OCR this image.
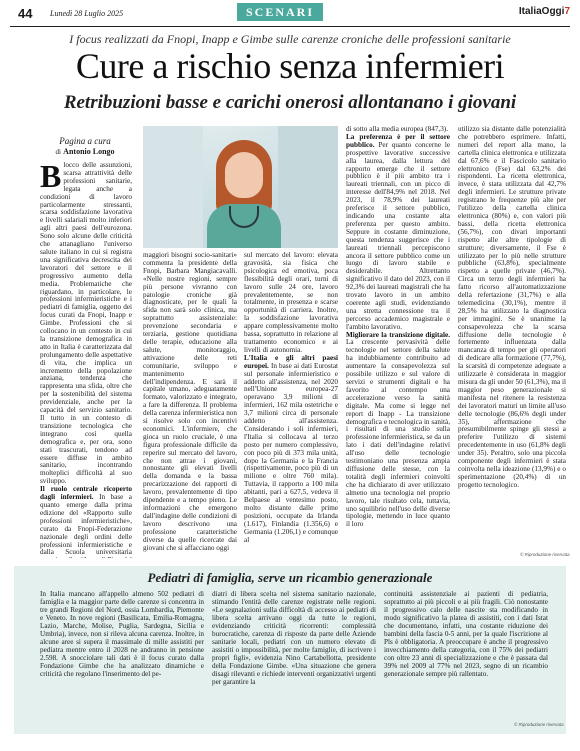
44 Lunedì 28 Luglio 2025	SCENARI	ItaliaOggi7
I focus realizzati da Fnopi, Inapp e Gimbe sulle carenze croniche delle professioni sanitarie
Cure a rischio senza infermieri
Retribuzioni basse e carichi onerosi allontanano i giovani
Pagina a cura
di Antonio Longo
B locco delle assunzioni, scarsa attrattività delle professioni sanitarie, legata anche a condizioni di lavoro particolarmente stressanti, scarsa soddisfazione lavorativa e livelli salariali molto inferiori agli altri paesi dell'eurozona. Sono solo alcune delle criticità che attanagliano l'universo salute italiano in cui si registra una significativa decrescita dei lavoratori del settore e il progressivo aumento della media. Problematiche che riguardano, in particolare, le professioni infermieristiche e i pediatri di famiglia, oggetto dei focus curati da Fnopi, Inapp e Gimbe. Professioni che si collocano in un contesto in cui la transizione demografica in atto in Italia è caratterizzata dal prolungamento delle aspettative di vita, che implica un incremento della popolazione anziana, tendenza che rappresenta una sfida, oltre che per la sostenibilità del sistema previdenziale, anche per la capacità del servizio sanitario. Il tutto in un contesto di transizione tecnologica che integrano così quella demografica e, per ora, sono stati trascurati, tendono ad essere diffuse in ambito sanitario, incontrando molteplici difficoltà al suo sviluppo.

Il ruolo centrale ricoperto dagli infermieri. In base a quanto emerge dalla prima edizione del «Rapporto sulle professioni infermieristiche», curato da Fnopi-Federazione nazionale degli ordini delle professioni infermieristiche e dalla Scuola universitaria

maggiori bisogni socio-sanitari» commenta la presidente della Fnopi, Barbara Mangiacavalli. «Nelle nostre regioni, sempre più persone vivranno con patologie croniche già diagnosticate, per le quali la sfida non sarà solo clinica, ma soprattutto assistenziale: prevenzione secondaria e terziaria, gestione quotidiana delle terapie, educazione alla salute, monitoraggio, attivazione delle reti comunitarie, sviluppo e mantenimento dell'indipendenza. E sarà il capitale umano, adeguatamente formato, valorizzato e integrato, a fare la differenza. Il problema della carenza infermieristica non si risolve solo con incentivi economici. L'infermiere, che gioca un ruolo cruciale, è una figura professionale difficile da reperire sul mercato del lavoro, che non attrae i giovani, nonostante gli elevati livelli della domanda e la bassa precarizzazione dei rapporti di lavoro, prevalentemente di tipo dipendente e a tempo pieno. Le informazioni che emergono dall'indagine delle condizioni di lavoro descrivono una professione caratteristiche diverse da quelle ricercate dai giovani che si affacciano oggi

sul mercato del lavoro: elevata gravosità, sia fisica che psicologica ed emotiva, poca flessibilità degli orari, turni di lavoro sulle 24 ore, lavoro prevalentemente, se non totalmente, in presenza e scarse opportunità di carriera. Inoltre, la soddisfazione lavorativa appare complessivamente molto bassa, soprattutto in relazione al trattamento economico e ai livelli di autonomia.

L'Italia e gli altri paesi europei. In base ai dati Eurostat sul personale infermieristico e addetto all'assistenza, nel 2020 nell'Unione europea-27 operavano 3,9 milioni di infermieri, 162 mila ostetriche e 3,7 milioni circa di personale addetto all'assistenza. Considerando i soli infermieri, l'Italia si collocava al terzo posto per numero complessivo, con poco più di 373 mila unità, dopo la Germania e la Francia (rispettivamente, poco più di un milione e oltre 760 mila). Tuttavia, il rapporto a 100 mila abitanti, pari a 627,5, vedeva il Belpaese al ventesimo posto, molto distante dalle prime posizioni, occupate da Irlanda (1.617), Finlandia (1.356,6) e Germania (1.206,1) e comunque al

di sotto alla media europea (847,3).

La preferenza è per il settore pubblico. Per quanto concerne le prospettive lavorative successive alla laurea, dalla lettura del rapporto emerge che il settore pubblico è il più ambito tra i laureati triennali, con un picco di interesse dell'84,9% nel 2018. Nel 2023, il 78,9% dei laureati preferisce il settore pubblico, indicando una costante alta preferenza per questo ambito. Seppure in costante diminuzione, questa tendenza suggerisce che i laureati triennali percepiscono ancora il settore pubblico come un luogo di lavoro stabile e desiderabile. Altrettanto significativo il dato del 2023, con il 92,3% dei laureati magistrali che ha trovato lavoro in un ambito coerente agli studi, evidenziando una stretta connessione tra il percorso accademico magistrale e l'ambito lavorativo.

Migliorare la transizione digitale. La crescente pervasività delle tecnologie nel settore della salute ha indubbiamente contribuito ad aumentare la consapevolezza sul possibile utilizzo e sul valore di servizi e strumenti digitali e ha favorito al contempo una accelerazione verso la sanità digitale. Ma come si legge nel report di Inapp - La transizione demografica e tecnologica in sanità, i risultati di una studio sulla professione infermieristica, se da un lato i dati dell'indagine relativi all'uso delle tecnologie testimoniano una presenza ampia diffusione delle stesse, con la totalità degli infermieri coinvolti che ha dichiarato di aver utilizzato almeno una tecnologia nel proprio lavoro, tale risultato cela, tuttavia, uno squilibrio nell'uso delle diverse tipologie, mettendo in luce quanto il loro

utilizzo sia distante dalle potenzialità che potrebbero esprimere. Infatti, numeri del report alla mano, la cartella clinica elettronica e utilizzata dal 67,6% e il Fascicolo sanitario elettronico (Fse) dal 63,2% dei rispondenti. La ricetta elettronica, invece, è stata utilizzata dal 42,7% degli infermieri. Le strutture private registrano le frequenze più alte per l'utilizzo della cartella clinica elettronica (80%) e, con valori più bassi, della ricetta elettronica (56,7%), con divari importanti rispetto alle altre tipologie di strutture; diversamente, il Fse è utilizzato per lo più nelle strutture pubbliche (63,8%), specialmente rispetto a quelle private (46,7%). Circa un terzo degli infermieri ha fatto ricorso all'automatizzazione della refertazione (31,7%) e alla telemedicina (30,1%), mentre il 28,5% ha utilizzato la diagnostica per immagini. Se è unanime la consapevolezza che la scarsa diffusione delle tecnologie è fortemente influenzata dalla mancanza di tempo per gli operatori di dedicare alla formazione (77,7%), la scarsità di competenze adeguate a utilizzarle è considerata in maggior misura da gli under 50 (61,3%), ma il maggior peso generazionale si manifesta nel ritenere la resistenza dei lavoratori maturi un limite all'uso delle tecnologie (86,6% degli under 35), affermazione che presumibilmente spinge gli stessi a preferire l'utilizzo di sistemi precedentemente in uso (61,8% degli under 35). Peraltro, solo una piccola componente degli infermieri è stata coinvolta nella ideazione (13,9%) e o sperimentazione (20,4%) di un progetto tecnologico.

© Riproduzione riservata
Pediatri di famiglia, serve un ricambio generazionale

In Italia mancano all'appello almeno 502 pediatri di famiglia e la maggior parte delle carenze si concentra in tre grandi Regioni del Nord, ossia Lombardia, Piemonte e Veneto. In nove regioni (Basilicata, Emilia-Romagna, Lazio, Marche, Molise, Puglia, Sardegna, Sicilia e Umbria), invece, non si rileva alcuna carenza. Inoltre, in alcune aree si supera il massimale di mille assistiti per pediatra mentre entro il 2028 ne andranno in pensione 2.598. A snocciolare tali dati è il focus curato dalla Fondazione Gimbe che ha analizzato dinamiche e criticità che regolano l'inserimento del pe-

diatri di libera scelta nel sistema sanitario nazionale, stimando l'entità delle carenze registrate nelle regioni. «Le segnalazioni sulla difficoltà di accesso ai pediatri di libera scelta arrivano oggi da tutte le regioni, evidenziando criticità ricorrenti: complessità burocratiche, carenza di risposte da parte delle Aziende sanitarie locali, pediatri con un numero elevato di assistiti o impossibilità, per molte famiglie, di iscrivere i propri figli», evidenzia Nino Cartabellotta, presidente della Fondazione Gimbe. «Una situazione che genera disagi rilevanti e richiede interventi organizzativi urgenti per garantire la

continuità assistenziale ai pazienti di pediatria, soprattutto ai più piccoli e ai più fragili. Ciò nonostante il progressivo calo delle nascite sta modificando in modo significativo la platea di assistiti, con i dati Istat che documentano, infatti, una costante riduzione dei bambini della fascia 0-5 anni, per la quale l'iscrizione al Pls è obbligatoria. A preoccupare è anche il progressivo invecchiamento della categoria, con il 75% dei pediatri con oltre 23 anni di specializzazione e che è passata dal 39% nel 2009 al 77% nel 2023, segno di un ricambio generazionale sempre più rallentato.

© Riproduzione riservata
